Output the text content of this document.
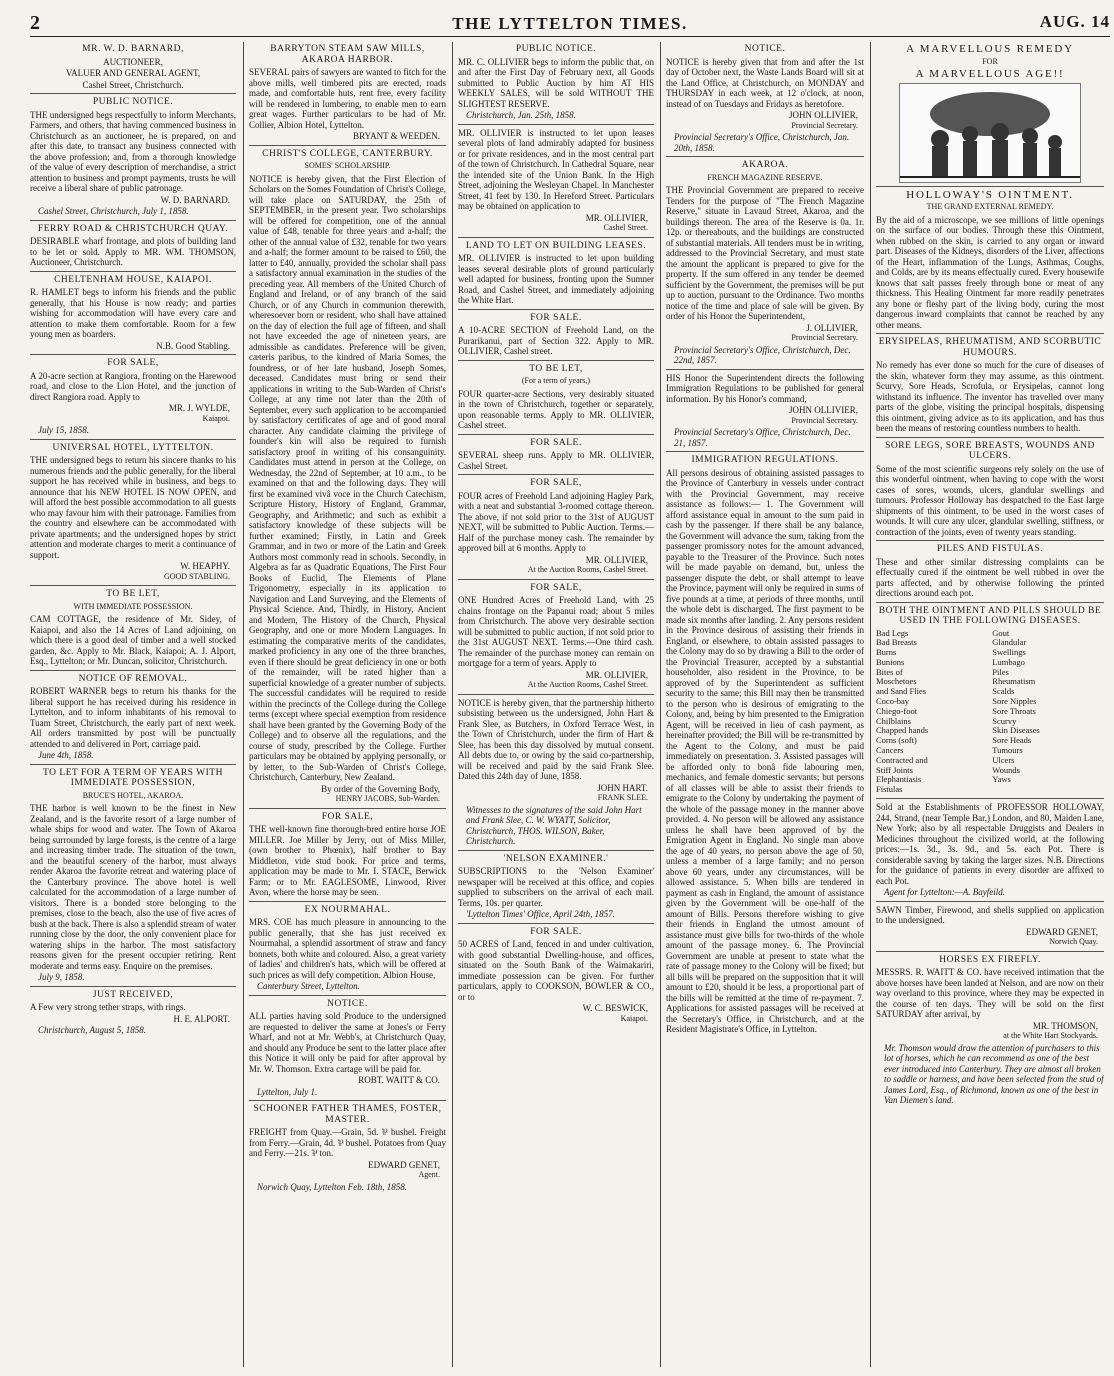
2	THE LYTTELTON TIMES.	AUG. 14
MR. W. D. BARNARD,
AUCTIONEER,
VALUER AND GENERAL AGENT,
Cashel Street, Christchurch.
PUBLIC NOTICE.

THE undersigned begs respectfully to inform Merchants, Farmers, and others, that having commenced business in Christchurch as an auctioneer, he is prepared, on and after this date, to transact any business connected with the above profession; and, from a thorough knowledge of the value of every description of merchandise, a strict attention to business and prompt payments, trusts he will receive a liberal share of public patronage.

W. D. BARNARD.
Cashel Street, Christchurch, July 1, 1858.
FERRY ROAD & CHRISTCHURCH QUAY.

DESIRABLE wharf frontage, and plots of building land to be let or sold. Apply to MR. WM. THOMSON, Auctioneer, Christchurch.

CHELTENHAM HOUSE, KAIAPOI.

R. HAMLET begs to inform his friends and the public generally, that his House is now ready; and parties wishing for accommodation will have every care and attention to make them comfortable. Room for a few young men as boarders.

N.B. Good Stabling.
FOR SALE,

A 20-acre section at Rangiora, fronting on the Harewood road, and close to the Lion Hotel, and the junction of direct Rangiora road. Apply to

MR. J. WYLDE,
Kaiapoi.
July 15, 1858.
UNIVERSAL HOTEL, LYTTELTON.

THE undersigned begs to return his sincere thanks to his numerous friends and the public generally, for the liberal support he has received while in business, and begs to announce that his NEW HOTEL IS NOW OPEN, and will afford the best possible accommodation to all guests who may favour him with their patronage. Families from the country and elsewhere can be accommodated with private apartments; and the undersigned hopes by strict attention and moderate charges to merit a continuance of support.

W. HEAPHY.
GOOD STABLING.
TO BE LET,
WITH IMMEDIATE POSSESSION.

CAM COTTAGE, the residence of Mr. Sidey, of Kaiapoi, and also the 14 Acres of Land adjoining, on which there is a good deal of timber and a well stocked garden, &c. Apply to Mr. Black, Kaiapoi; A. J. Alport, Esq., Lyttelton; or Mr. Duncan, solicitor, Christchurch.

NOTICE OF REMOVAL.

ROBERT WARNER begs to return his thanks for the liberal support he has received during his residence in Lyttelton, and to inform inhabitants of his removal to Tuam Street, Christchurch, the early part of next week. All orders transmitted by post will be punctually attended to and delivered in Port, carriage paid.

June 4th, 1858.
TO LET FOR A TERM OF YEARS WITH IMMEDIATE POSSESSION,
BRUCE'S HOTEL, AKAROA.

THE harbor is well known to be the finest in New Zealand, and is the favorite resort of a large number of whale ships for wood and water. The Town of Akaroa being surrounded by large forests, is the centre of a large and increasing timber trade. The situation of the town, and the beautiful scenery of the harbor, must always render Akaroa the favorite retreat and watering place of the Canterbury province. The above hotel is well calculated for the accommodation of a large number of visitors. There is a bonded store belonging to the premises, close to the beach, also the use of five acres of bush at the back. There is also a splendid stream of water running close by the door, the only convenient place for watering ships in the harbor. The most satisfactory reasons given for the present occupier retiring. Rent moderate and terms easy. Enquire on the premises.

July 9, 1858.
JUST RECEIVED,

A Few very strong tether straps, with rings.

H. E. ALPORT.
Christchurch, August 5, 1858.
BARRYTON STEAM SAW MILLS, AKAROA HARBOR.

SEVERAL pairs of sawyers are wanted to fitch for the above mills, well timbered pits are erected, roads made, and comfortable huts, rent free, every facility will be rendered in lumbering, to enable men to earn great wages. Further particulars to be had of Mr. Collier, Albion Hotel, Lyttelton.

BRYANT & WEEDEN.
CHRIST'S COLLEGE, CANTERBURY.
SOMES' SCHOLARSHIP.

NOTICE is hereby given, that the First Election of Scholars on the Somes Foundation of Christ's College, will take place on SATURDAY, the 25th of SEPTEMBER, in the present year. Two scholarships will be offered for competition, one of the annual value of £48, tenable for three years and a-half; the other of the annual value of £32, tenable for two years and a-half; the former amount to be raised to £60, the latter to £40, annually, provided the scholar shall pass a satisfactory annual examination in the studies of the preceding year. All members of the United Church of England and Ireland, or of any branch of the said Church, or of any Church in communion therewith, wheresoever born or resident, who shall have attained on the day of election the full age of fifteen, and shall not have exceeded the age of nineteen years, are admissible as candidates. Preference will be given, cæteris paribus, to the kindred of Maria Somes, the foundress, or of her late husband, Joseph Somes, deceased. Candidates must bring or send their applications in writing to the Sub-Warden of Christ's College, at any time not later than the 20th of September, every such application to be accompanied by satisfactory certificates of age and of good moral character. Any candidate claiming the privilege of founder's kin will also be required to furnish satisfactory proof in writing of his consanguinity. Candidates must attend in person at the College, on Wednesday, the 22nd of September, at 10 a.m., to be examined on that and the following days. They will first be examined vivâ voce in the Church Catechism, Scripture History, History of England, Grammar, Geography, and Arithmetic; and such as exhibit a satisfactory knowledge of these subjects will be further examined; Firstly, in Latin and Greek Grammar, and in two or more of the Latin and Greek Authors most commonly read in schools. Secondly, in Algebra as far as Quadratic Equations, The First Four Books of Euclid, The Elements of Plane Trigonometry, especially in its application to Navigation and Land Surveying, and the Elements of Physical Science. And, Thirdly, in History, Ancient and Modern, The History of the Church, Physical Geography, and one or more Modern Languages. In estimating the comparative merits of the candidates, marked proficiency in any one of the three branches, even if there should be great deficiency in one or both of the remainder, will be rated higher than a superficial knowledge of a greater number of subjects. The successful candidates will be required to reside within the precincts of the College during the College terms (except where special exemption from residence shall have been granted by the Governing Body of the College) and to observe all the regulations, and the course of study, prescribed by the College. Further particulars may be obtained by applying personally, or by letter, to the Sub-Warden of Christ's College, Christchurch, Canterbury, New Zealand.

By order of the Governing Body,
HENRY JACOBS, Sub-Warden.
FOR SALE,

THE well-known fine thorough-bred entire horse JOE MILLER. Joe Miller by Jerry, out of Miss Miller, (own brother to Phœnix), half brother to Bay Middleton, vide stud book. For price and terms, application may be made to Mr. I. STACE, Berwick Farm; or to Mr. EAGLESOME, Linwood, River Avon, where the horse may be seen.

EX NOURMAHAL.

MRS. COE has much pleasure in announcing to the public generally, that she has just received ex Nourmahal, a splendid assortment of straw and fancy bonnets, both white and coloured. Also, a great variety of ladies' and children's hats, which will be offered at such prices as will defy competition. Albion House,

Canterbury Street, Lyttelton.
NOTICE.

ALL parties having sold Produce to the undersigned are requested to deliver the same at Jones's or Ferry Wharf, and not at Mr. Webb's, at Christchurch Quay, and should any Produce be sent to the latter place after this Notice it will only be paid for after approval by Mr. W. Thomson. Extra cartage will be paid for.

ROBT. WAITT & CO.
Lyttelton, July 1.
SCHOONER FATHER THAMES, FOSTER, MASTER.

FREIGHT from Quay.—Grain, 5d. ⅌ bushel. Freight from Ferry.—Grain, 4d. ⅌ bushel. Potatoes from Quay and Ferry.—21s. ⅌ ton.

EDWARD GENET,
Agent.
Norwich Quay, Lyttelton Feb. 18th, 1858.
PUBLIC NOTICE.

MR. C. OLLIVIER begs to inform the public that, on and after the First Day of February next, all Goods submitted to Public Auction by him AT HIS WEEKLY SALES, will be sold WITHOUT THE SLIGHTEST RESERVE.

Christchurch, Jan. 25th, 1858.

MR. OLLIVIER is instructed to let upon leases several plots of land admirably adapted for business or for private residences, and in the most central part of the town of Christchurch. In Cathedral Square, near the intended site of the Union Bank. In the High Street, adjoining the Wesleyan Chapel. In Manchester Street, 41 feet by 130. In Hereford Street. Particulars may be obtained on application to

MR. OLLIVIER,
Cashel Street.
LAND TO LET ON BUILDING LEASES.

MR. OLLIVIER is instructed to let upon building leases several desirable plots of ground particularly well adapted for business, fronting upon the Sumner Road, and Cashel Street, and immediately adjoining the White Hart.

FOR SALE.

A 10-ACRE SECTION of Freehold Land, on the Purarikanui, part of Section 322. Apply to MR. OLLIVIER, Cashel street.

TO BE LET,
(For a term of years,)

FOUR quarter-acre Sections, very desirably situated in the town of Christchurch, together or separately, upon reasonable terms. Apply to MR. OLLIVIER, Cashel street.

FOR SALE.

SEVERAL sheep runs. Apply to MR. OLLIVIER, Cashel Street.

FOR SALE,

FOUR acres of Freehold Land adjoining Hagley Park, with a neat and substantial 3-roomed cottage thereon. The above, if not sold prior to the 31st of AUGUST NEXT, will be submitted to Public Auction. Terms.—Half of the purchase money cash. The remainder by approved bill at 6 months. Apply to

MR. OLLIVIER,
At the Auction Rooms, Cashel Street.
FOR SALE,

ONE Hundred Acres of Freehold Land, with 25 chains frontage on the Papanui road; about 5 miles from Christchurch. The above very desirable section will be submitted to public auction, if not sold prior to the 31st AUGUST NEXT. Terms.—One third cash. The remainder of the purchase money can remain on mortgage for a term of years. Apply to

MR. OLLIVIER,
At the Auction Rooms, Cashel Street.

NOTICE is hereby given, that the partnership hitherto subsisting between us the undersigned, John Hart & Frank Slee, as Butchers, in Oxford Terrace West, in the Town of Christchurch, under the firm of Hart & Slee, has been this day dissolved by mutual consent. All debts due to, or owing by the said co-partnership, will be received and paid by the said Frank Slee. Dated this 24th day of June, 1858.

JOHN HART.
FRANK SLEE.
Witnesses to the signatures of the said John Hart and Frank Slee, C. W. WYATT, Solicitor, Christchurch, THOS. WILSON, Baker, Christchurch.
'NELSON EXAMINER.'

SUBSCRIPTIONS to the 'Nelson Examiner' newspaper will be received at this office, and copies supplied to subscribers on the arrival of each mail. Terms, 10s. per quarter.

'Lyttelton Times' Office, April 24th, 1857.
FOR SALE.

50 ACRES of Land, fenced in and under cultivation, with good substantial Dwelling-house, and offices, situated on the South Bank of the Waimakariri, immediate possession can be given. For further particulars, apply to COOKSON, BOWLER & CO., or to

W. C. BESWICK,
Kaiapoi.
NOTICE.

NOTICE is hereby given that from and after the 1st day of October next, the Waste Lands Board will sit at the Land Office, at Christchurch, on MONDAY and THURSDAY in each week, at 12 o'clock, at noon, instead of on Tuesdays and Fridays as heretofore.

JOHN OLLIVIER,
Provincial Secretary.
Provincial Secretary's Office, Christchurch, Jan. 20th, 1858.
AKAROA.
FRENCH MAGAZINE RESERVE.

THE Provincial Government are prepared to receive Tenders for the purpose of "The French Magazine Reserve," situate in Lavaud Street, Akaroa, and the buildings thereon. The area of the Reserve is 0a. 1r. 12p. or thereabouts, and the buildings are constructed of substantial materials. All tenders must be in writing, addressed to the Provincial Secretary, and must state the amount the applicant is prepared to give for the property. If the sum offered in any tender be deemed sufficient by the Government, the premises will be put up to auction, pursuant to the Ordinance. Two months notice of the time and place of sale will be given. By order of his Honor the Superintendent,

J. OLLIVIER,
Provincial Secretary.
Provincial Secretary's Office, Christchurch, Dec. 22nd, 1857.

HIS Honor the Superintendent directs the following Immigration Regulations to be published for general information. By his Honor's command,

JOHN OLLIVIER,
Provincial Secretary.
Provincial Secretary's Office, Christchurch, Dec. 21, 1857.
IMMIGRATION REGULATIONS.

All persons desirous of obtaining assisted passages to the Province of Canterbury in vessels under contract with the Provincial Government, may receive assistance as follows:— 1. The Government will afford assistance equal in amount to the sum paid in cash by the passenger. If there shall be any balance, the Government will advance the sum, taking from the passenger promissory notes for the amount advanced, payable to the Treasurer of the Province. Such notes will be made payable on demand, but, unless the passenger dispute the debt, or shall attempt to leave the Province, payment will only be required in sums of five pounds at a time, at periods of three months, until the whole debt is discharged. The first payment to be made six months after landing. 2. Any persons resident in the Province desirous of assisting their friends in England, or elsewhere, to obtain assisted passages to the Colony may do so by drawing a Bill to the order of the Provincial Treasurer, accepted by a substantial householder, also resident in the Province, to be approved of by the Superintendent as sufficient security to the same; this Bill may then be transmitted to the person who is desirous of emigrating to the Colony, and, being by him presented to the Emigration Agent, will be received in lieu of cash payment, as hereinafter provided; the Bill will be re-transmitted by the Agent to the Colony, and must be paid immediately on presentation. 3. Assisted passages will be afforded only to bonâ fide labouring men, mechanics, and female domestic servants; but persons of all classes will be able to assist their friends to emigrate to the Colony by undertaking the payment of the whole of the passage money in the manner above provided. 4. No person will be allowed any assistance unless he shall have been approved of by the Emigration Agent in England. No single man above the age of 40 years, no person above the age of 50, unless a member of a large family; and no person above 60 years, under any circumstances, will be allowed assistance. 5. When bills are tendered in payment as cash in England, the amount of assistance given by the Government will be one-half of the amount of Bills. Persons therefore wishing to give their friends in England the utmost amount of assistance must give bills for two-thirds of the whole amount of the passage money. 6. The Provincial Government are unable at present to state what the rate of passage money to the Colony will be fixed; but all bills will be prepared on the supposition that it will amount to £20, should it be less, a proportional part of the bills will be remitted at the time of re-payment. 7. Applications for assisted passages will be received at the Secretary's Office, in Christchurch, and at the Resident Magistrate's Office, in Lyttelton.

A MARVELLOUS REMEDY
FOR
A MARVELLOUS AGE!!
HOLLOWAY'S OINTMENT.
THE GRAND EXTERNAL REMEDY.

By the aid of a microscope, we see millions of little openings on the surface of our bodies. Through these this Ointment, when rubbed on the skin, is carried to any organ or inward part. Diseases of the Kidneys, disorders of the Liver, affections of the Heart, inflammation of the Lungs, Asthmas, Coughs, and Colds, are by its means effectually cured. Every housewife knows that salt passes freely through bone or meat of any thickness. This Healing Ointment far more readily penetrates any bone or fleshy part of the living body, curing the most dangerous inward complaints that cannot be reached by any other means.

ERYSIPELAS, RHEUMATISM, AND SCORBUTIC HUMOURS.

No remedy has ever done so much for the cure of diseases of the skin, whatever form they may assume, as this ointment. Scurvy, Sore Heads, Scrofula, or Erysipelas, cannot long withstand its influence. The inventor has travelled over many parts of the globe, visiting the principal hospitals, dispensing this ointment, giving advice as to its application, and has thus been the means of restoring countless numbers to health.

SORE LEGS, SORE BREASTS, WOUNDS AND ULCERS.

Some of the most scientific surgeons rely solely on the use of this wonderful ointment, when having to cope with the worst cases of sores, wounds, ulcers, glandular swellings and tumours. Professor Holloway has despatched to the East large shipments of this ointment, to be used in the worst cases of wounds. It will cure any ulcer, glandular swelling, stiffness, or contraction of the joints, even of twenty years standing.

PILES AND FISTULAS.

These and other similar distressing complaints can be effectually cured if the ointment be well rubbed in over the parts affected, and by otherwise following the printed directions around each pot.

BOTH THE OINTMENT AND PILLS SHOULD BE USED IN THE FOLLOWING DISEASES.
Bad Legs
Bad Breasts
Burns
Bunions
Bites of Moschetoes and Sand Flies
Coco-bay
Chiego-foot
Chilblains
Chapped hands
Corns (soft)
Cancers
Contracted and Stiff Joints
Elephantiasis
Fistulas
Gout
Glandular Swellings
Lumbago
Piles
Rheumatism
Scalds
Sore Nipples
Sore Throats
Scurvy
Skin Diseases
Sore Heads
Tumours
Ulcers
Wounds
Yaws

Sold at the Establishments of PROFESSOR HOLLOWAY, 244, Strand, (near Temple Bar,) London, and 80, Maiden Lane, New York; also by all respectable Druggists and Dealers in Medicines throughout the civilized world, at the following prices:—1s. 3d., 3s. 9d., and 5s. each Pot. There is considerable saving by taking the larger sizes. N.B. Directions for the guidance of patients in every disorder are affixed to each Pot.

Agent for Lyttelton:—A. Bayfeild.

SAWN Timber, Firewood, and shells supplied on application to the undersigned.

EDWARD GENET,
Norwich Quay.
HORSES EX FIREFLY.

MESSRS. R. WAITT & CO. have received intimation that the above horses have been landed at Nelson, and are now on their way overland to this province, where they may be expected in the course of ten days. They will be sold on the first SATURDAY after arrival, by

MR. THOMSON,
at the White Hart Stockyards.
Mr. Thomson would draw the attention of purchasers to this lot of horses, which he can recommend as one of the best ever introduced into Canterbury. They are almost all broken to saddle or harness, and have been selected from the stud of James Lord, Esq., of Richmond, known as one of the best in Van Diemen's land.
